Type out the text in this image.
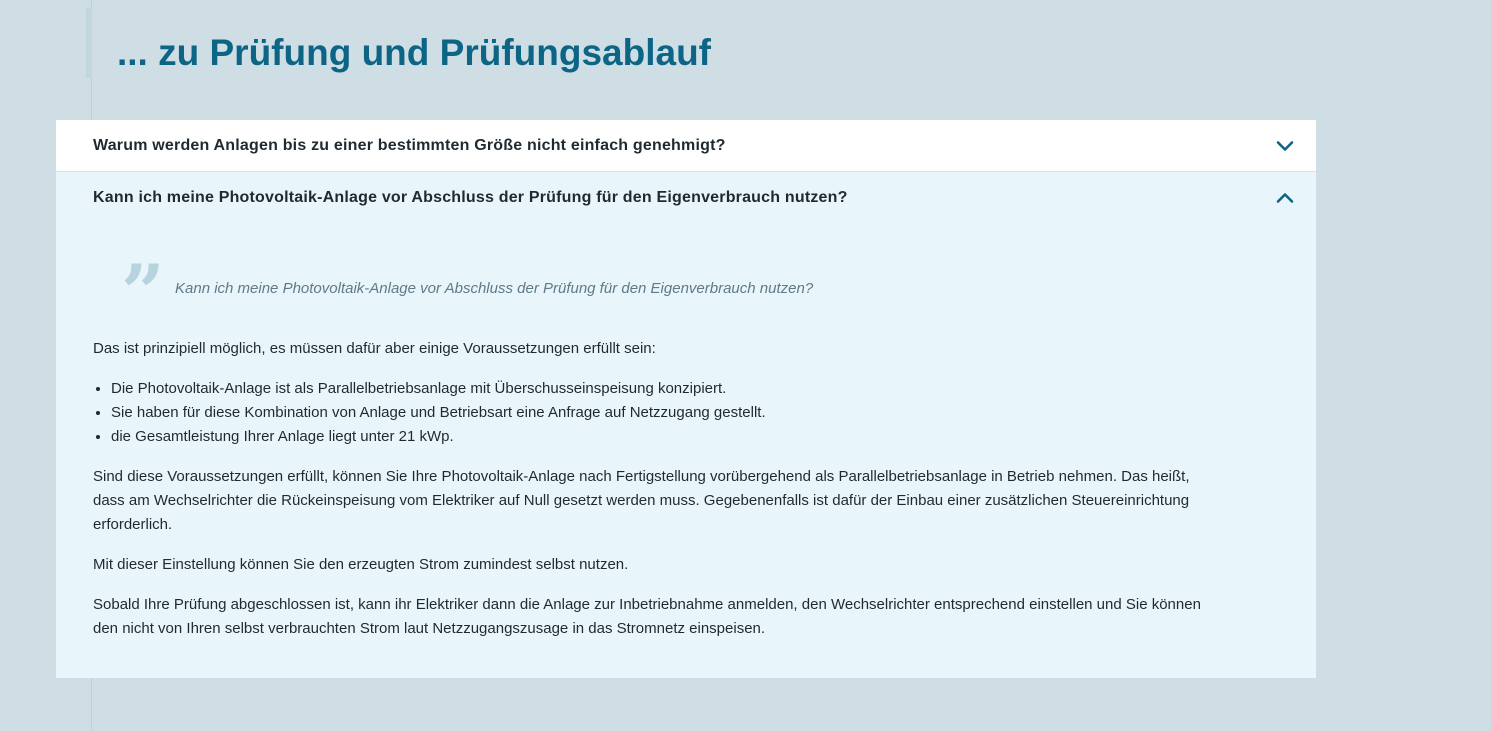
... zu Prüfung und Prüfungsablauf
Warum werden Anlagen bis zu einer bestimmten Größe nicht einfach genehmigt?
Kann ich meine Photovoltaik-Anlage vor Abschluss der Prüfung für den Eigenverbrauch nutzen?
” Kann ich meine Photovoltaik-Anlage vor Abschluss der Prüfung für den Eigenverbrauch nutzen?

Das ist prinzipiell möglich, es müssen dafür aber einige Voraussetzungen erfüllt sein:

• Die Photovoltaik-Anlage ist als Parallelbetriebsanlage mit Überschusseinspeisung konzipiert.
• Sie haben für diese Kombination von Anlage und Betriebsart eine Anfrage auf Netzzugang gestellt.
• die Gesamtleistung Ihrer Anlage liegt unter 21 kWp.

Sind diese Voraussetzungen erfüllt, können Sie Ihre Photovoltaik-Anlage nach Fertigstellung vorübergehend als Parallelbetriebsanlage in Betrieb nehmen. Das heißt, dass am Wechselrichter die Rückeinspeisung vom Elektriker auf Null gesetzt werden muss. Gegebenenfalls ist dafür der Einbau einer zusätzlichen Steuereinrichtung erforderlich.

Mit dieser Einstellung können Sie den erzeugten Strom zumindest selbst nutzen.

Sobald Ihre Prüfung abgeschlossen ist, kann ihr Elektriker dann die Anlage zur Inbetriebnahme anmelden, den Wechselrichter entsprechend einstellen und Sie können den nicht von Ihren selbst verbrauchten Strom laut Netzzugangszusage in das Stromnetz einspeisen.
